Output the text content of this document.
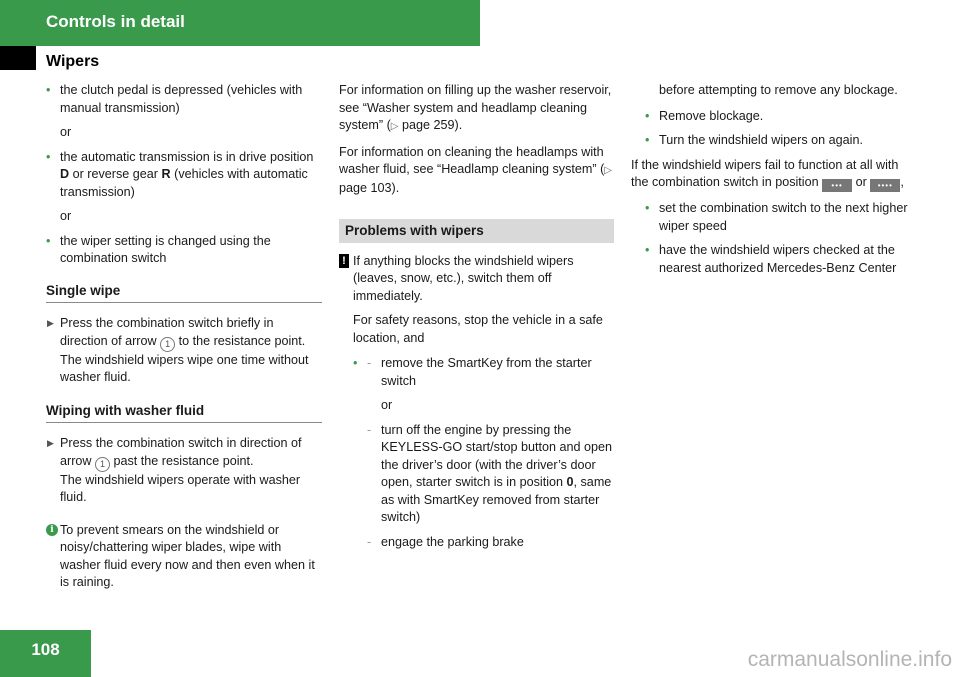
Controls in detail
Wipers
• the clutch pedal is depressed (vehicles with manual transmission)
or
• the automatic transmission is in drive position D or reverse gear R (vehicles with automatic transmission)
or
• the wiper setting is changed using the combination switch
Single wipe
▶ Press the combination switch briefly in direction of arrow 1 to the resistance point.
The windshield wipers wipe one time without washer fluid.
Wiping with washer fluid
▶ Press the combination switch in direction of arrow 1 past the resistance point.
The windshield wipers operate with washer fluid.
i To prevent smears on the windshield or noisy/chattering wiper blades, wipe with washer fluid every now and then even when it is raining.

For information on filling up the washer reservoir, see “Washer system and headlamp cleaning system” (▷ page 259).

For information on cleaning the headlamps with washer fluid, see “Headlamp cleaning system” (▷ page 103).

Problems with wipers
! If anything blocks the windshield wipers (leaves, snow, etc.), switch them off immediately.

For safety reasons, stop the vehicle in a safe location, and

• - remove the SmartKey from the starter switch
or
- turn off the engine by pressing the KEYLESS-GO start/stop button and open the driver’s door (with the driver’s door open, starter switch is in position 0, same as with SmartKey removed from starter switch)
- engage the parking brake

before attempting to remove any blockage.

• Remove blockage.
• Turn the windshield wipers on again.

If the windshield wipers fail to function at all with the combination switch in position ••• or •••• ,

• set the combination switch to the next higher wiper speed
• have the windshield wipers checked at the nearest authorized Mercedes-Benz Center
108	carmanualsonline.info
